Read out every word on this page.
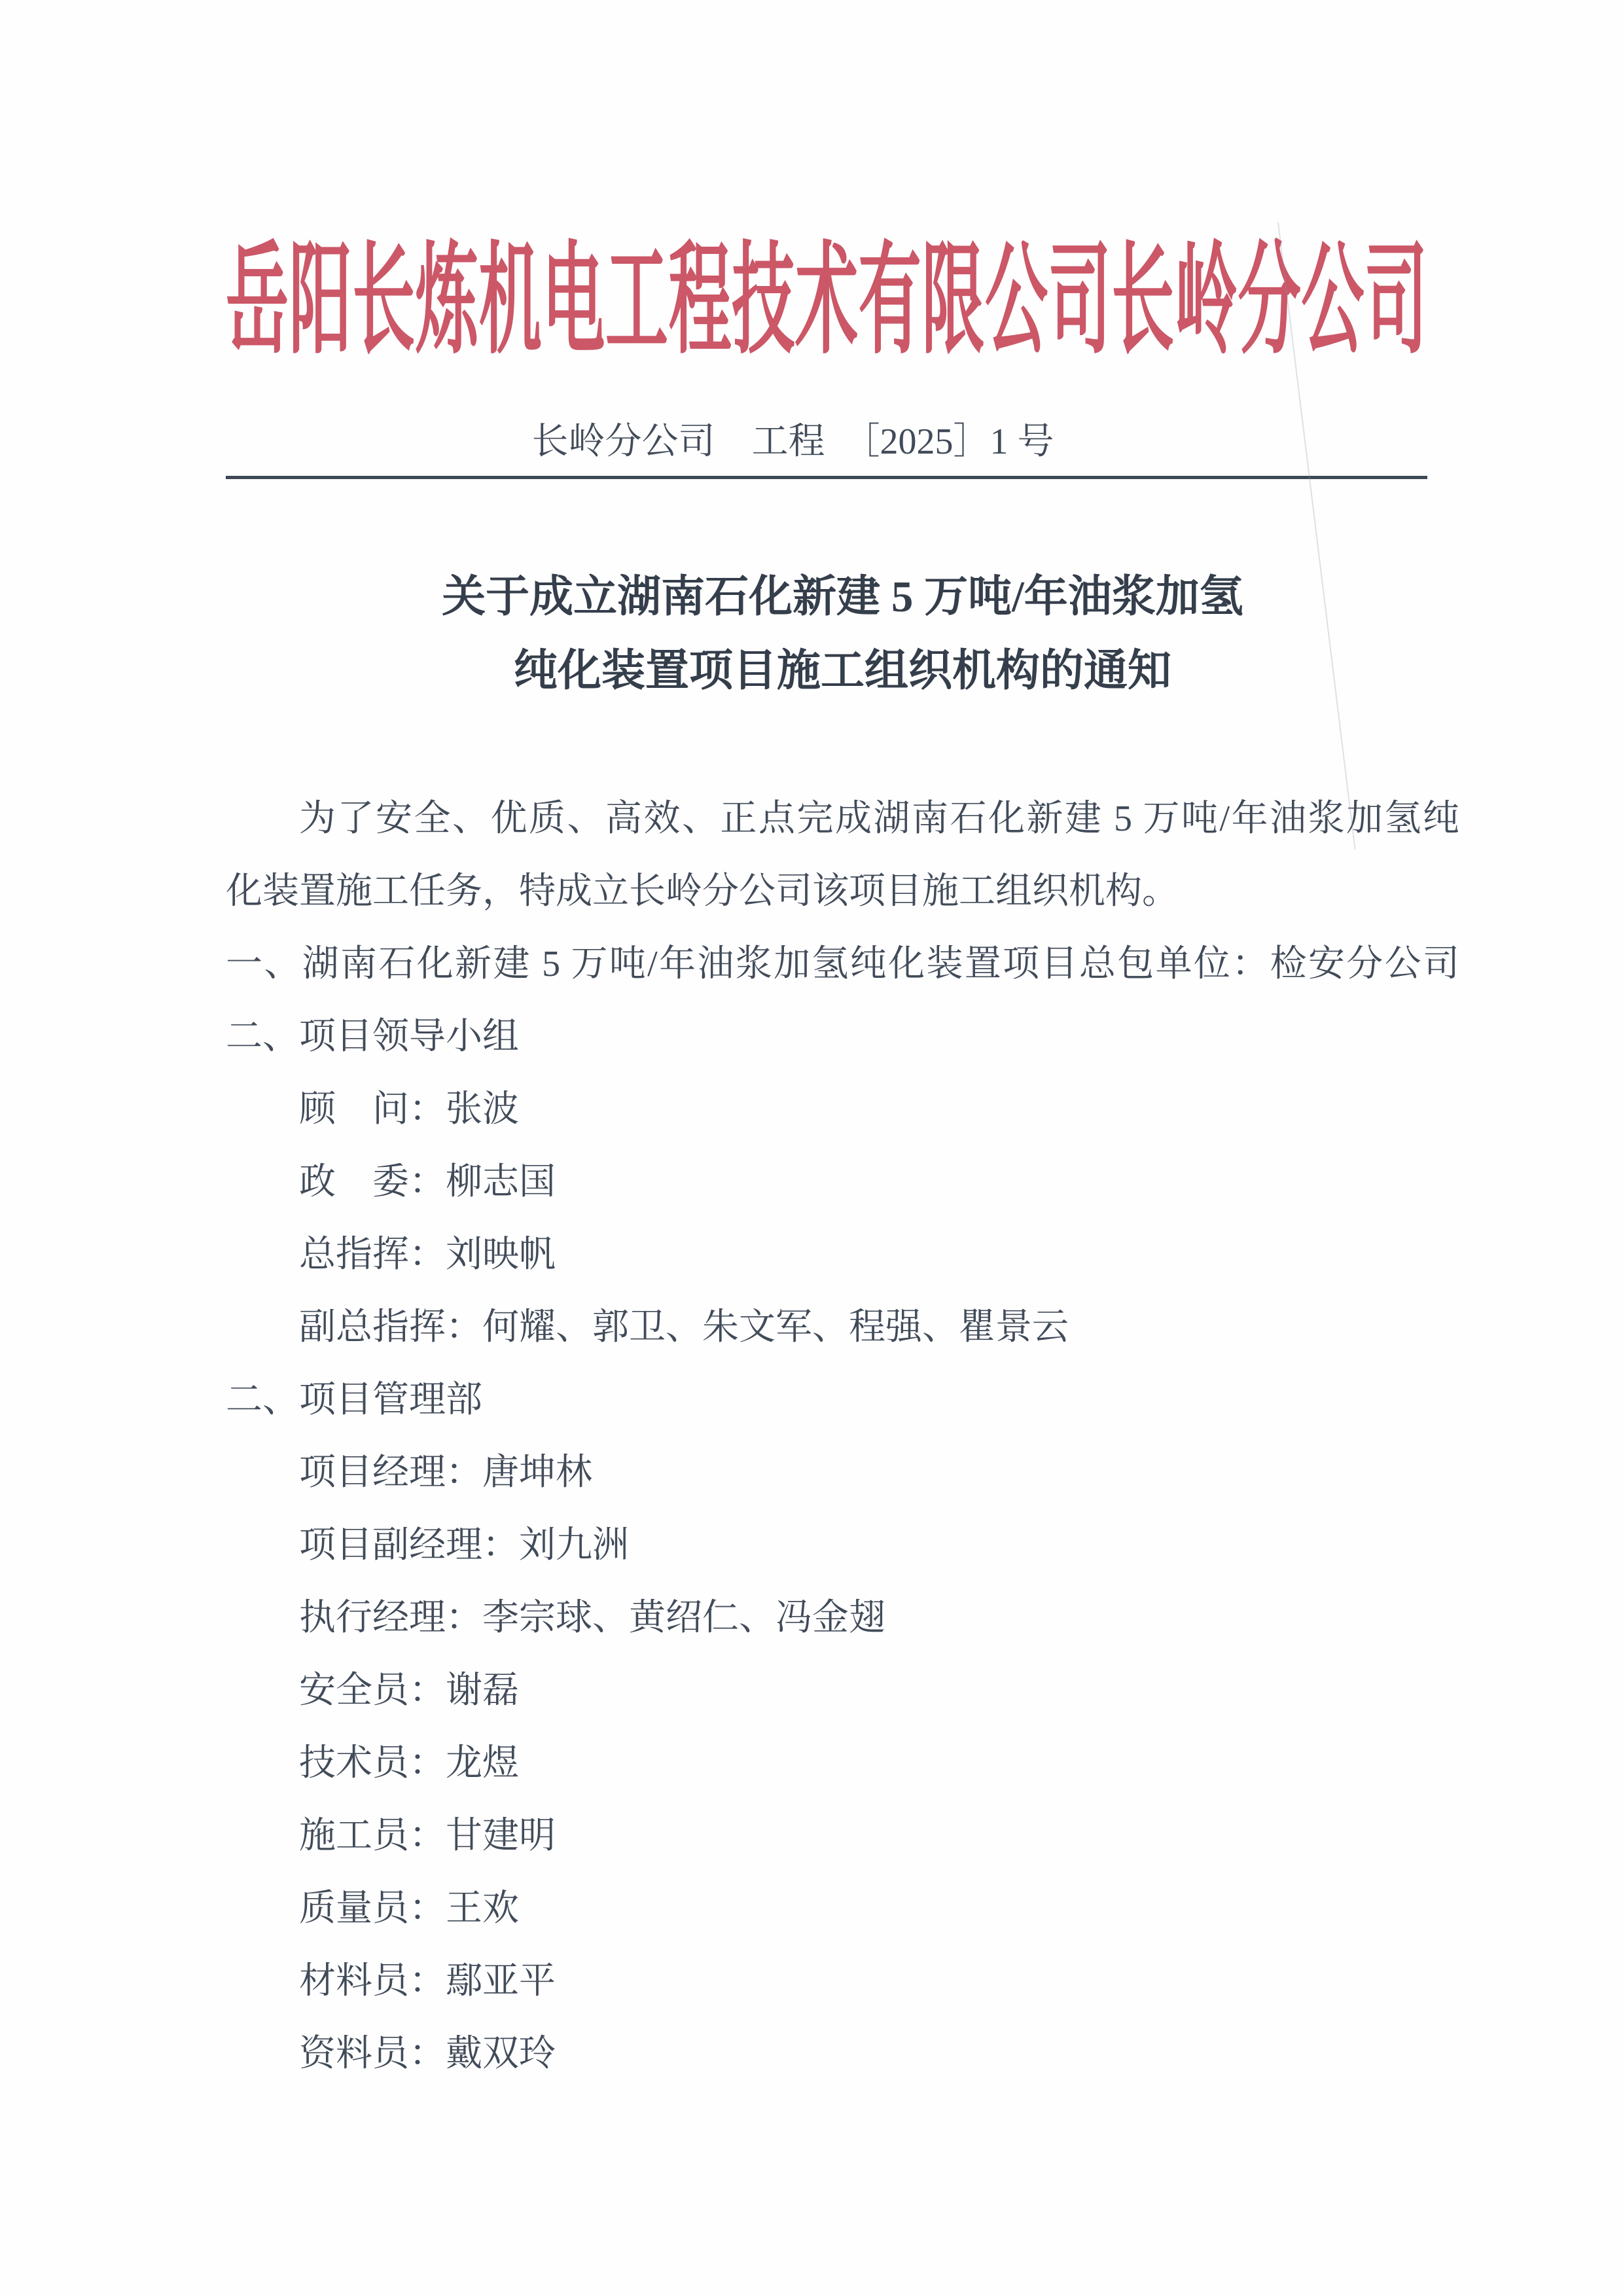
岳阳长炼机电工程技术有限公司长岭分公司
长岭分公司　工程　［2025］1 号
关于成立湖南石化新建 5 万吨/年油浆加氢
纯化装置项目施工组织机构的通知
为了安全、优质、高效、正点完成湖南石化新建 5 万吨/年油浆加氢纯
化装置施工任务，特成立长岭分公司该项目施工组织机构。
一、湖南石化新建 5 万吨/年油浆加氢纯化装置项目总包单位：检安分公司
二、项目领导小组
顾　问：张波
政　委：柳志国
总指挥：刘映帆
副总指挥：何耀、郭卫、朱文军、程强、瞿景云
二、项目管理部
项目经理：唐坤林
项目副经理：刘九洲
执行经理：李宗球、黄绍仁、冯金翅
安全员：谢磊
技术员：龙煜
施工员：甘建明
质量员：王欢
材料员：鄢亚平
资料员：戴双玲
